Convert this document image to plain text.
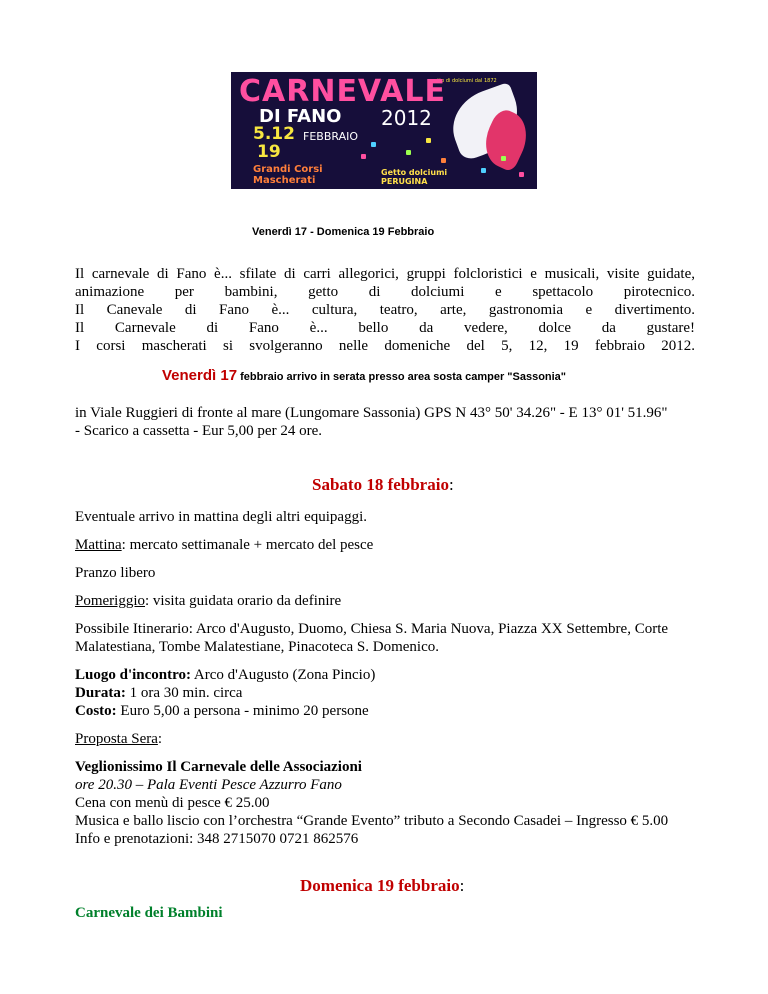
getto di dolciumi dal 1872
CARNEVALE
DI FANO 2012
5.12
19
FEBBRAIO
Grandi Corsi
Mascherati
Getto dolciumi
PERUGINA

Venerdì 17 - Domenica 19 Febbraio

Il carnevale di Fano è... sfilate di carri allegorici, gruppi folcloristici e musicali, visite guidate,

animazione per bambini, getto di dolciumi e spettacolo pirotecnico.

Il Canevale di Fano è... cultura, teatro, arte, gastronomia e divertimento.

Il Carnevale di Fano è... bello da vedere, dolce da gustare!

I corsi mascherati si svolgeranno nelle domeniche del 5, 12, 19 febbraio 2012.

Venerdì 17 febbraio arrivo in serata presso area sosta camper "Sassonia"

in Viale Ruggieri di fronte al mare (Lungomare Sassonia) GPS N 43° 50' 34.26" - E 13° 01' 51.96"

- Scarico a cassetta - Eur 5,00 per 24 ore.

Sabato 18 febbraio:

Eventuale arrivo in mattina degli altri equipaggi.

Mattina: mercato settimanale + mercato del pesce

Pranzo libero

Pomeriggio: visita guidata orario da definire

Possibile Itinerario: Arco d'Augusto, Duomo, Chiesa S. Maria Nuova, Piazza XX Settembre, Corte

Malatestiana, Tombe Malatestiane, Pinacoteca S. Domenico.

Luogo d'incontro: Arco d'Augusto (Zona Pincio)

Durata: 1 ora 30 min. circa

Costo: Euro 5,00 a persona - minimo 20 persone

Proposta Sera:

Veglionissimo Il Carnevale delle Associazioni

ore 20.30 – Pala Eventi Pesce Azzurro Fano

Cena con menù di pesce € 25.00

Musica e ballo liscio con l’orchestra “Grande Evento” tributo a Secondo Casadei – Ingresso € 5.00

Info e prenotazioni: 348 2715070 0721 862576

Domenica 19 febbraio:

Carnevale dei Bambini
